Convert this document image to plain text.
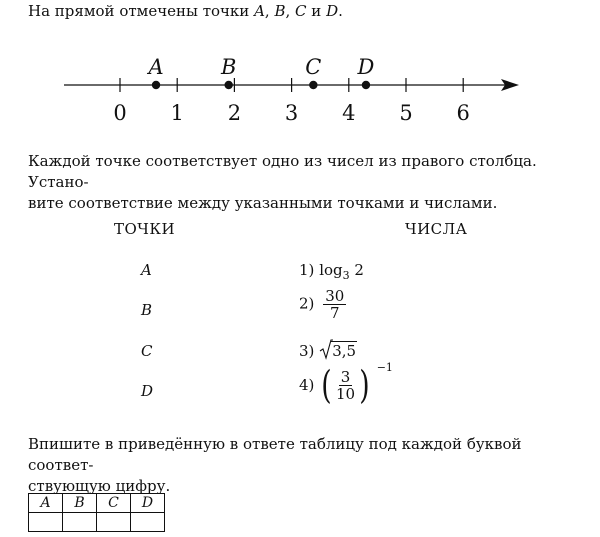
На прямой отмечены точки A, B, C и D.
0 1 2 3 4 5 6
A	B	C D
Каждой точке соответствует одно из чисел из правого столбца. Устано-
вите соответствие между указанными точками и числами.
ТОЧКИ	ЧИСЛА
A	1) $\log_3 2$
B	$2) \frac{30}{7}$
C	3) 3,5
D	4) ( $\frac{3}{10}$ ) $^{-1}$
Впишите в приведённую в ответе таблицу под каждой буквой соответ-
ствующую цифру.
A	B	C	D
